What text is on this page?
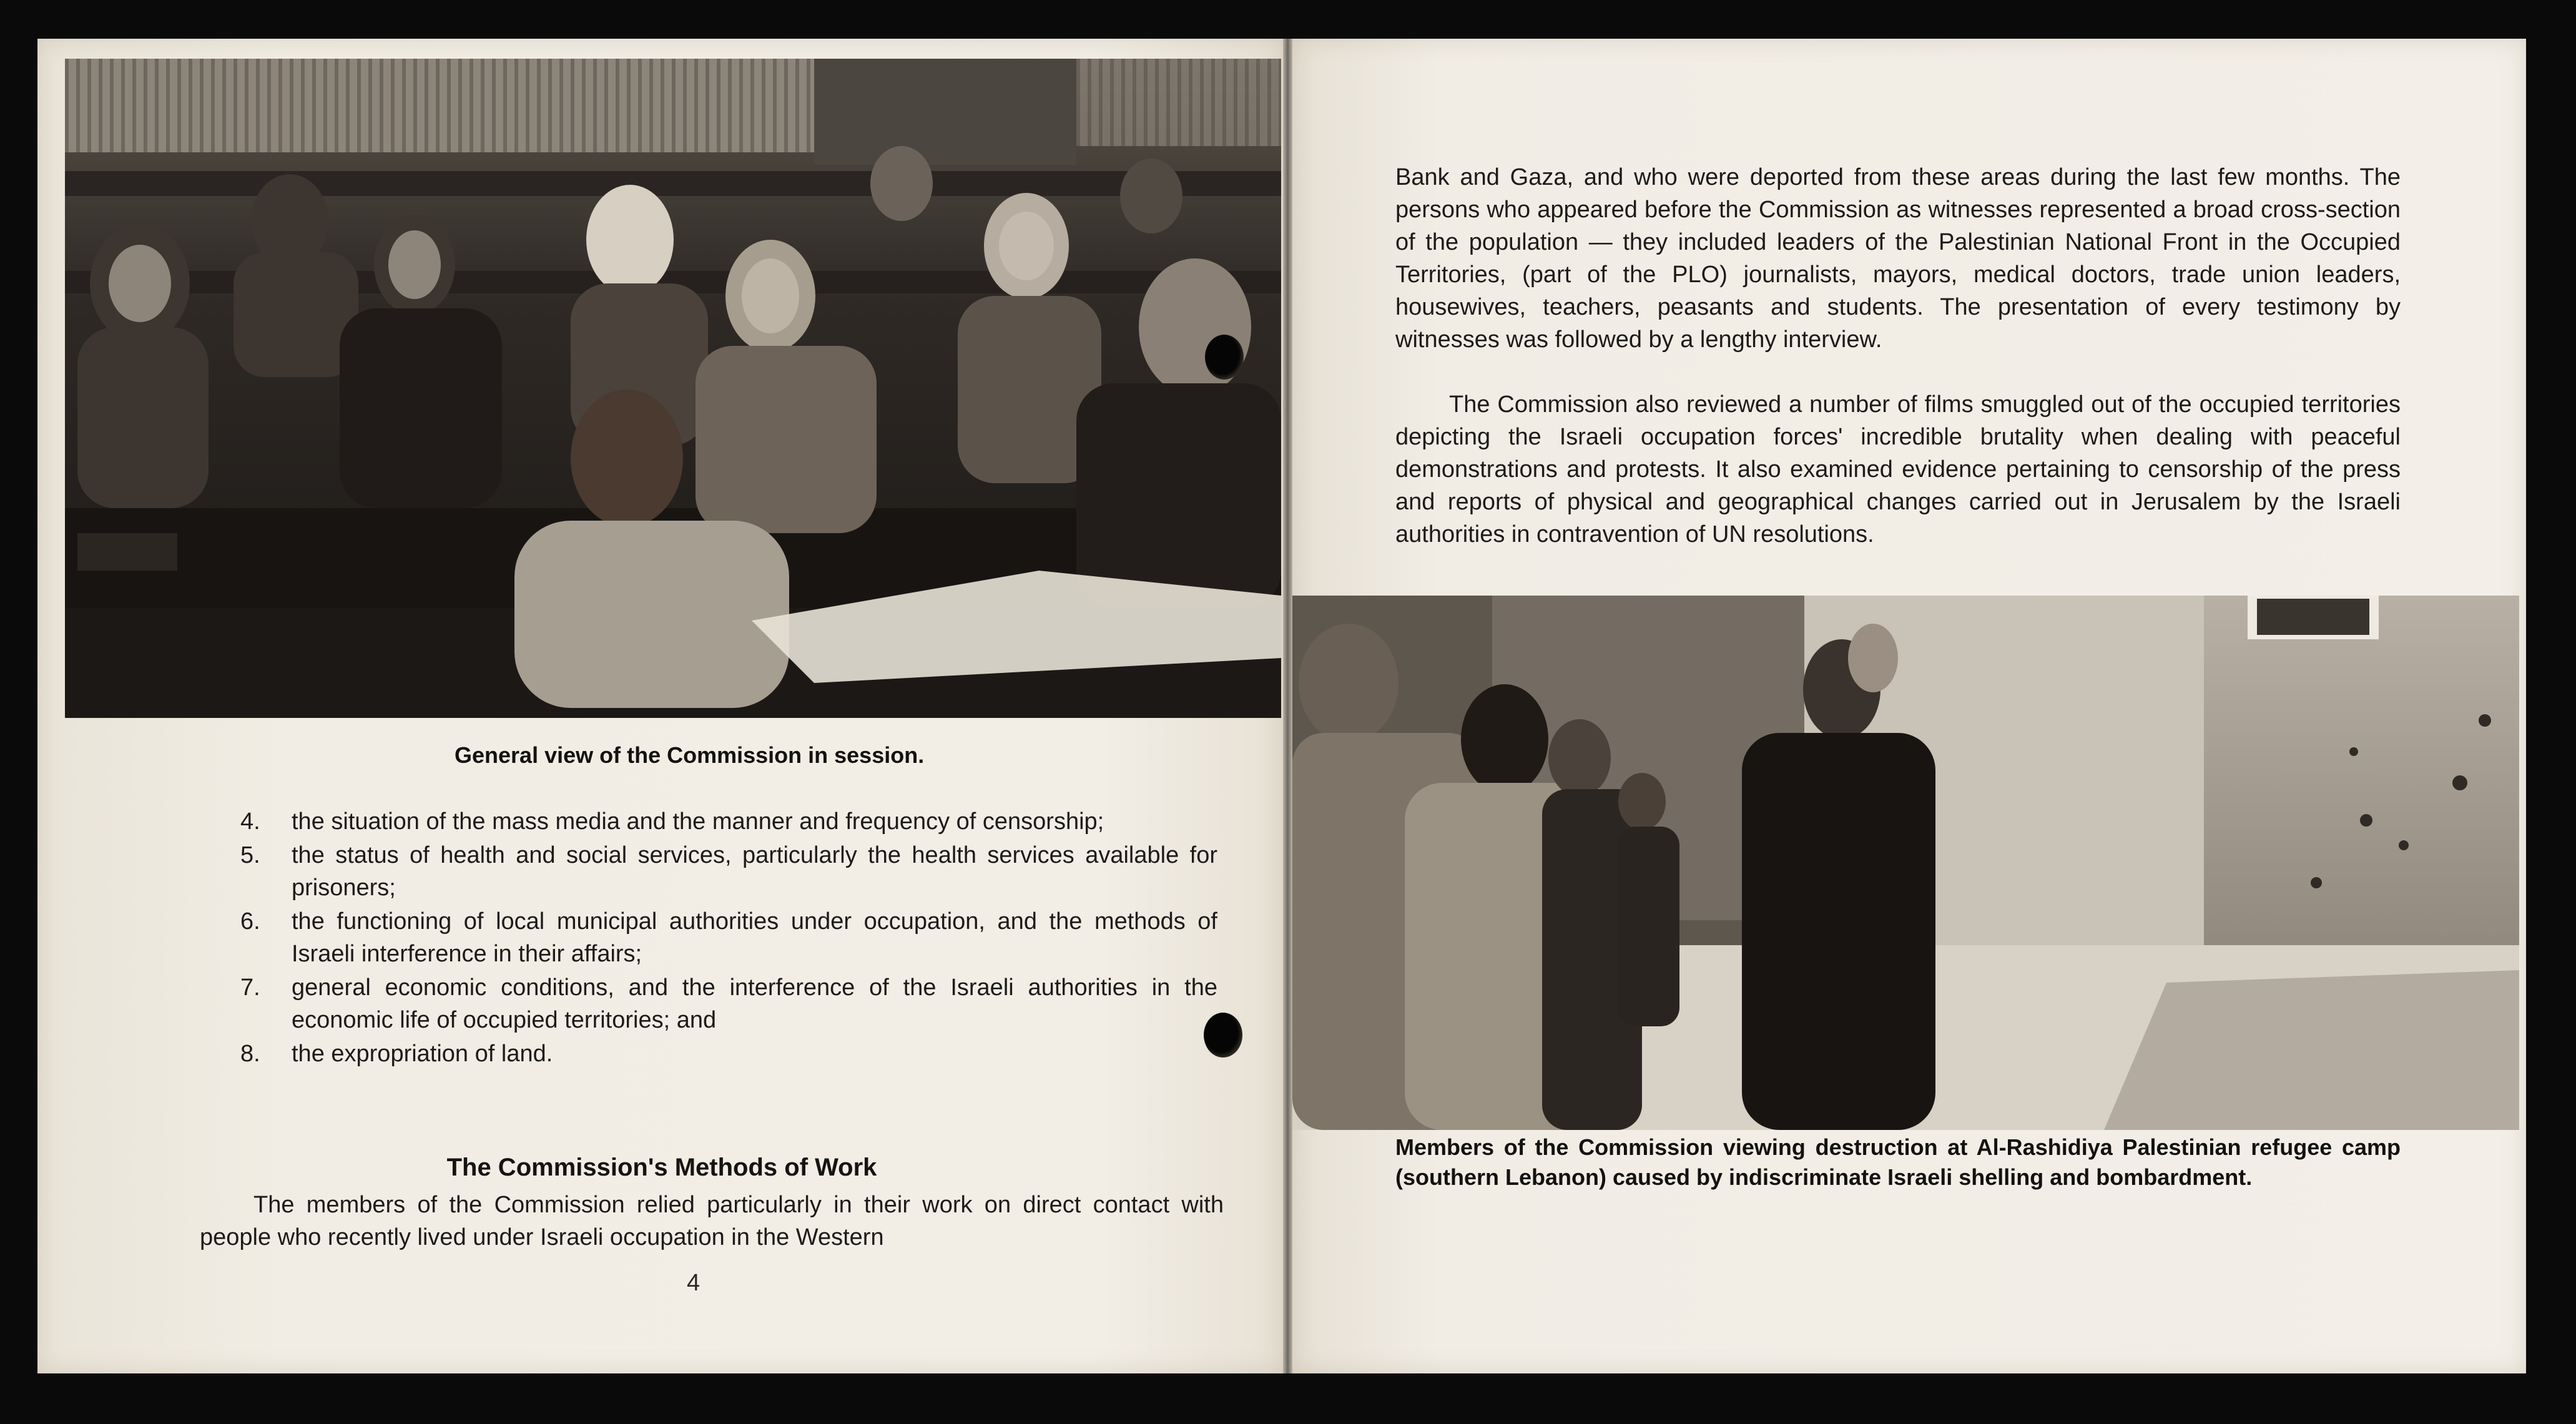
General view of the Commission in session.
4. the situation of the mass media and the manner and frequency of censorship;
5. the status of health and social services, particularly the health services available for prisoners;
6. the functioning of local municipal authorities under occupation, and the methods of Israeli interference in their affairs;
7. general economic conditions, and the interference of the Israeli authorities in the economic life of occupied territories; and
8. the expropriation of land.
The Commission's Methods of Work
The members of the Commission relied particularly in their work on direct contact with people who recently lived under Israeli occupation in the Western
4
Bank and Gaza, and who were deported from these areas during the last few months. The persons who appeared before the Commission as witnesses represented a broad cross-section of the population — they included leaders of the Palestinian National Front in the Occupied Territories, (part of the PLO) journalists, mayors, medical doctors, trade union leaders, housewives, teachers, peasants and students. The presentation of every testimony by witnesses was followed by a lengthy interview.
The Commission also reviewed a number of films smuggled out of the occupied territories depicting the Israeli occupation forces' incredible brutality when dealing with peaceful demonstrations and protests. It also examined evidence pertaining to censorship of the press and reports of physical and geographical changes carried out in Jerusalem by the Israeli authorities in contravention of UN resolutions.
Members of the Commission viewing destruction at Al-Rashidiya Palestinian refugee camp (southern Lebanon) caused by indiscriminate Israeli shelling and bombardment.
